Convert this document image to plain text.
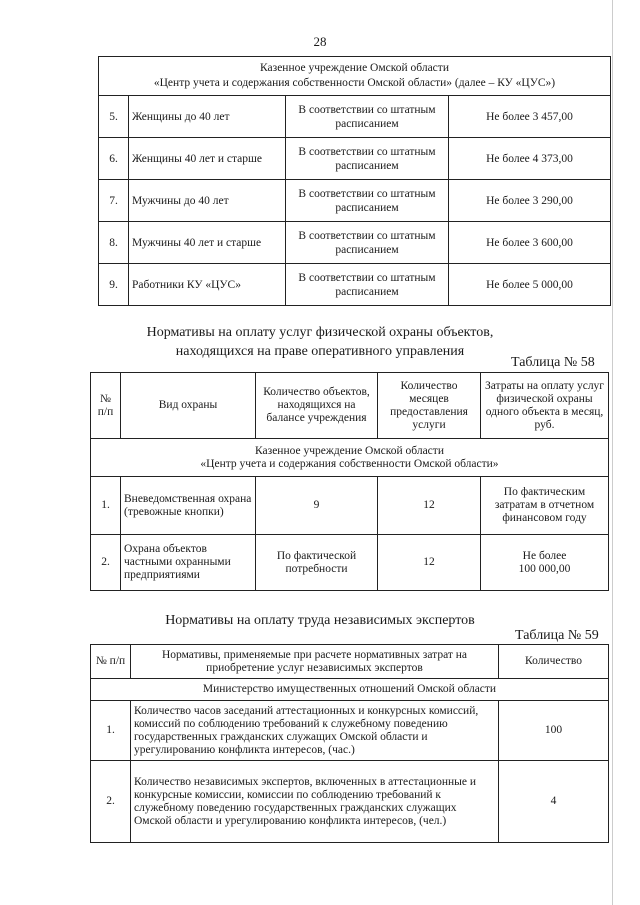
28
Казенное учреждение Омской области
«Центр учета и содержания собственности Омской области» (далее – КУ «ЦУС»)			

5.	Женщины до 40 лет	В соответствии со штатным расписанием	Не более 3 457,00
6.	Женщины 40 лет и старше	В соответствии со штатным расписанием	Не более 4 373,00
7.	Мужчины до 40 лет	В соответствии со штатным расписанием	Не более 3 290,00
8.	Мужчины 40 лет и старше	В соответствии со штатным расписанием	Не более 3 600,00
9.	Работники КУ «ЦУС»	В соответствии со штатным расписанием	Не более 5 000,00
Нормативы на оплату услуг физической охраны объектов,
находящихся на праве оперативного управления
Таблица № 58
№ п/п	Вид охраны	Количество объектов, находящихся на балансе учреждения	Количество месяцев предоставления услуги	Затраты на оплату услуг физической охраны одного объекта в месяц, руб.

Казенное учреждение Омской области
«Центр учета и содержания собственности Омской области»				

1.	Вневедомственная охрана (тревожные кнопки)	9	12	По фактическим затратам в отчетном финансовом году
2.	Охрана объектов частными охранными предприятиями	По фактической потребности	12	Не более
100 000,00
Нормативы на оплату труда независимых экспертов
Таблица № 59
№ п/п	Нормативы, применяемые при расчете нормативных затрат на приобретение услуг независимых экспертов	Количество
Министерство имущественных отношений Омской области		
1.	Количество часов заседаний аттестационных и конкурсных комиссий, комиссий по соблюдению требований к служебному поведению государственных гражданских служащих Омской области и урегулированию конфликта интересов, (час.)	100
2.	Количество независимых экспертов, включенных в аттестационные и конкурсные комиссии, комиссии по соблюдению требований к служебному поведению государственных гражданских служащих Омской области и урегулированию конфликта интересов, (чел.)	4
